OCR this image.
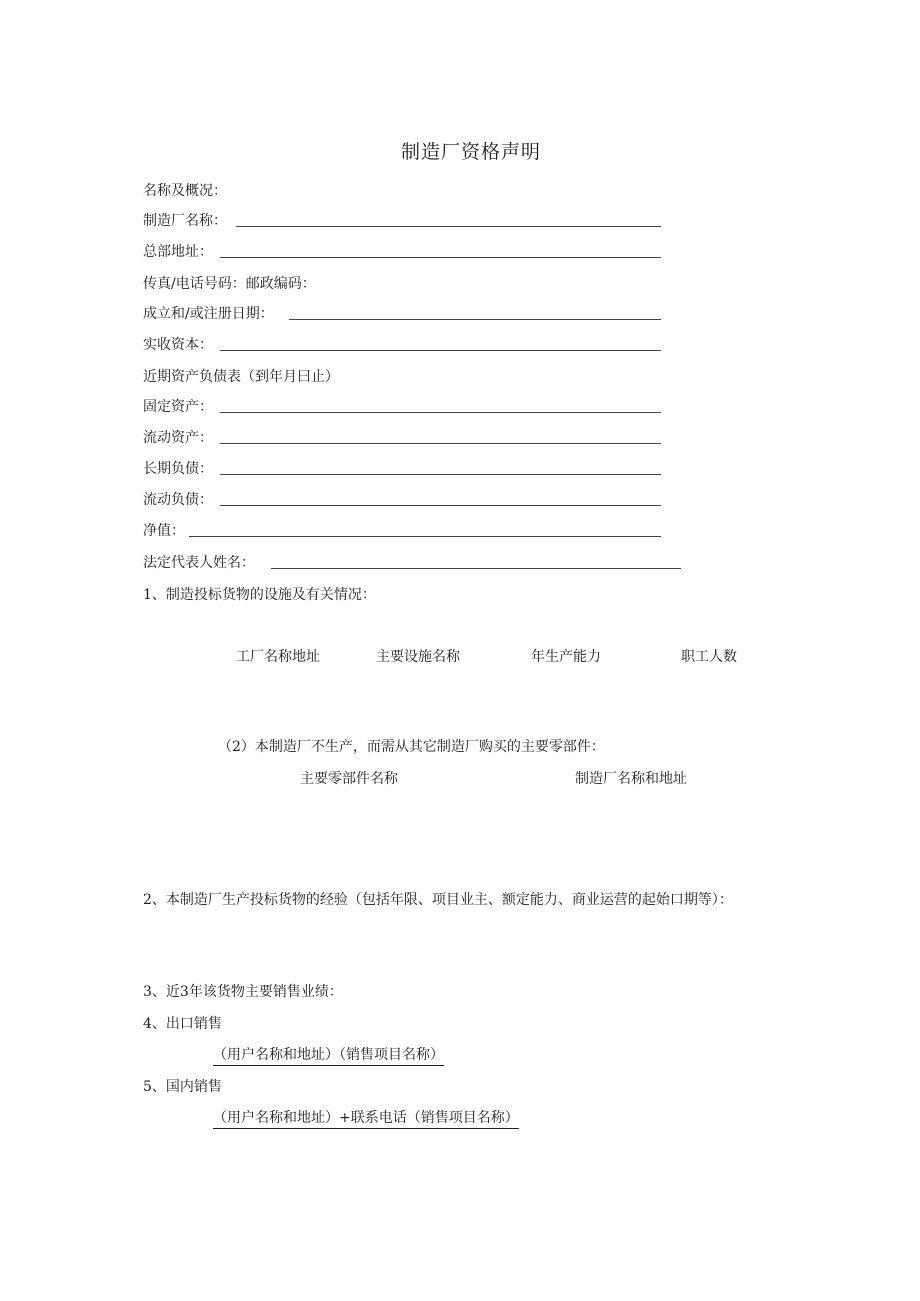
制造厂资格声明
名称及概况：
制造厂名称：
总部地址：
传真/电话号码：邮政编码：
成立和/或注册日期：
实收资本：
近期资产负债表（到年月曰止）
固定资产：
流动资产：
长期负债：
流动负债：
净值：
法定代表人姓名：
1、制造投标货物的设施及有关情况：
工厂名称地址	主要设施名称	年生产能力	职工人数
（2）本制造厂不生产，而需从其它制造厂购买的主要零部件：
主要零部件名称	制造厂名称和地址
2、本制造厂生产投标货物的经验（包括年限、项目业主、额定能力、商业运营的起始口期等）：
3、近3年该货物主要销售业绩：
4、出口销售
（用户名称和地址）（销售项目名称）
5、国内销售
（用户名称和地址）+联系电话（销售项目名称）
